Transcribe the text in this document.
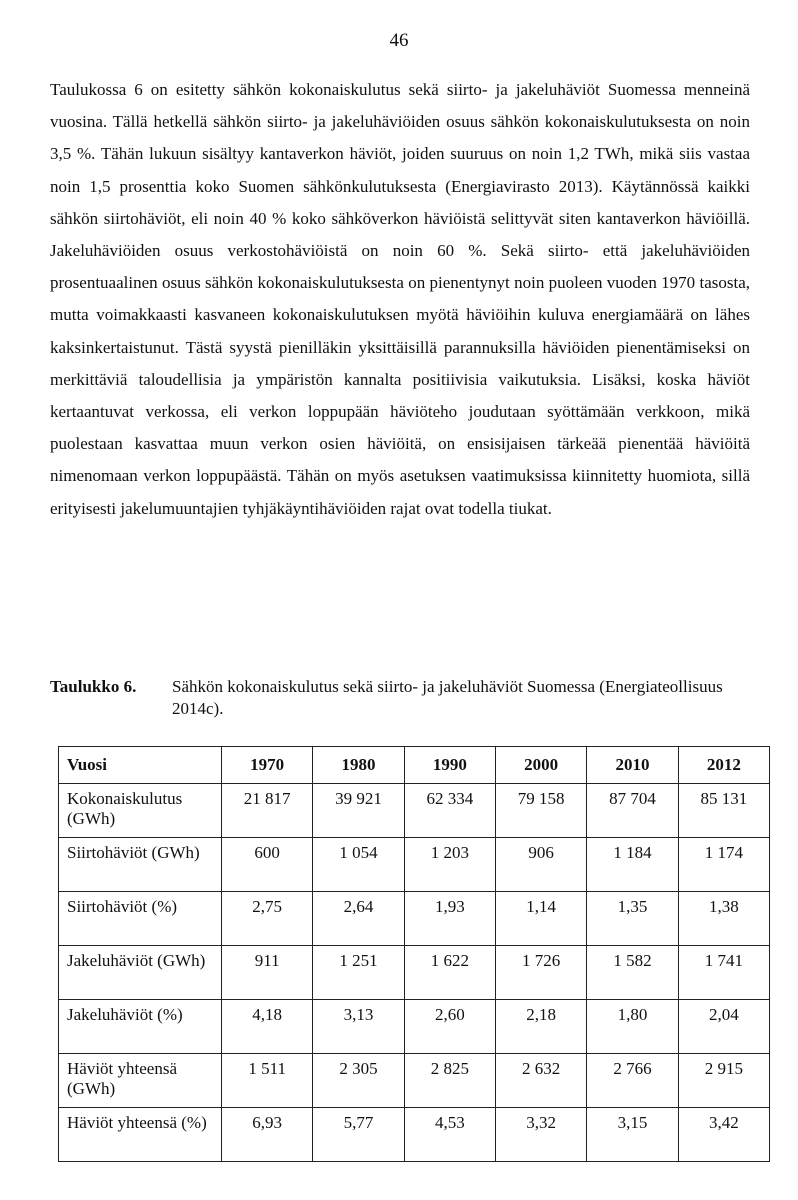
46

Taulukossa 6 on esitetty sähkön kokonaiskulutus sekä siirto- ja jakeluhäviöt Suomessa menneinä vuosina. Tällä hetkellä sähkön siirto- ja jakeluhäviöiden osuus sähkön kokonaiskulutuksesta on noin 3,5 %. Tähän lukuun sisältyy kantaverkon häviöt, joiden suuruus on noin 1,2 TWh, mikä siis vastaa noin 1,5 prosenttia koko Suomen sähkönkulutuksesta (Energiavirasto 2013). Käytännössä kaikki sähkön siirtohäviöt, eli noin 40 % koko sähköverkon häviöistä selittyvät siten kantaverkon häviöillä. Jakeluhäviöiden osuus verkostohäviöistä on noin 60 %. Sekä siirto- että jakeluhäviöiden prosentuaalinen osuus sähkön kokonaiskulutuksesta on pienentynyt noin puoleen vuoden 1970 tasosta, mutta voimakkaasti kasvaneen kokonaiskulutuksen myötä häviöihin kuluva energiamäärä on lähes kaksinkertaistunut. Tästä syystä pienilläkin yksittäisillä parannuksilla häviöiden pienentämiseksi on merkittäviä taloudellisia ja ympäristön kannalta positiivisia vaikutuksia. Lisäksi, koska häviöt kertaantuvat verkossa, eli verkon loppupään häviöteho joudutaan syöttämään verkkoon, mikä puolestaan kasvattaa muun verkon osien häviöitä, on ensisijaisen tärkeää pienentää häviöitä nimenomaan verkon loppupäästä. Tähän on myös asetuksen vaatimuksissa kiinnitetty huomiota, sillä erityisesti jakelumuuntajien tyhjäkäyntihäviöiden rajat ovat todella tiukat.

Taulukko 6.	Sähkön kokonaiskulutus sekä siirto- ja jakeluhäviöt Suomessa (Energiateollisuus 2014c).
Vuosi	1970	1980	1990	2000	2010	2012
Kokonaiskulutus (GWh)	21 817	39 921	62 334	79 158	87 704	85 131
Siirtohäviöt (GWh)	600	1 054	1 203	906	1 184	1 174
Siirtohäviöt (%)	2,75	2,64	1,93	1,14	1,35	1,38
Jakeluhäviöt (GWh)	911	1 251	1 622	1 726	1 582	1 741
Jakeluhäviöt (%)	4,18	3,13	2,60	2,18	1,80	2,04
Häviöt yhteensä (GWh)	1 511	2 305	2 825	2 632	2 766	2 915
Häviöt yhteensä (%)	6,93	5,77	4,53	3,32	3,15	3,42
